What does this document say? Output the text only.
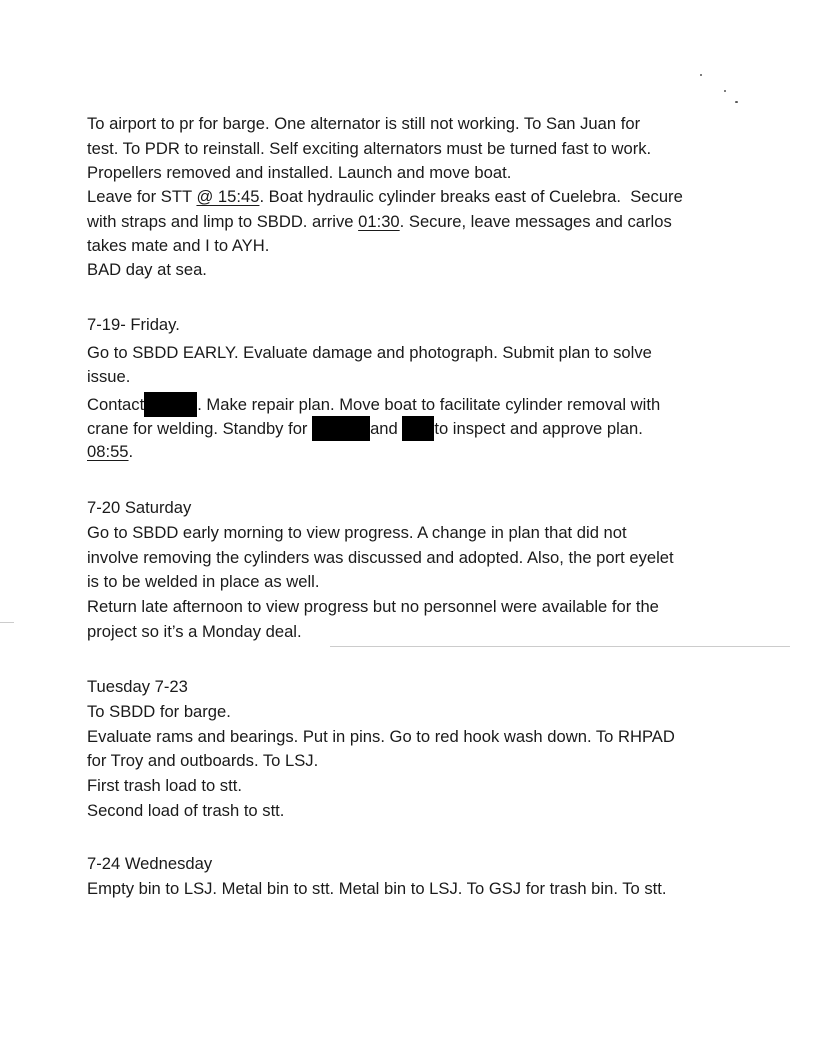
To airport to pr for barge. One alternator is still not working. To San Juan for
test. To PDR to reinstall. Self exciting alternators must be turned fast to work.
Propellers removed and installed. Launch and move boat.
Leave for STT @ 15:45. Boat hydraulic cylinder breaks east of Cuelebra.  Secure
with straps and limp to SBDD. arrive 01:30. Secure, leave messages and carlos
takes mate and I to AYH.
BAD day at sea.
7-19- Friday.
Go to SBDD EARLY. Evaluate damage and photograph. Submit plan to solve
issue.
Contact	. Make repair plan. Move boat to facilitate cylinder removal with
crane for welding. Standby for	and to inspect and approve plan.
08:55.
7-20 Saturday
Go to SBDD early morning to view progress. A change in plan that did not
involve removing the cylinders was discussed and adopted. Also, the port eyelet
is to be welded in place as well.
Return late afternoon to view progress but no personnel were available for the
project so it’s a Monday deal.
Tuesday 7-23
To SBDD for barge.
Evaluate rams and bearings. Put in pins. Go to red hook wash down. To RHPAD
for Troy and outboards. To LSJ.
First trash load to stt.
Second load of trash to stt.
7-24 Wednesday
Empty bin to LSJ. Metal bin to stt. Metal bin to LSJ. To GSJ for trash bin. To stt.
